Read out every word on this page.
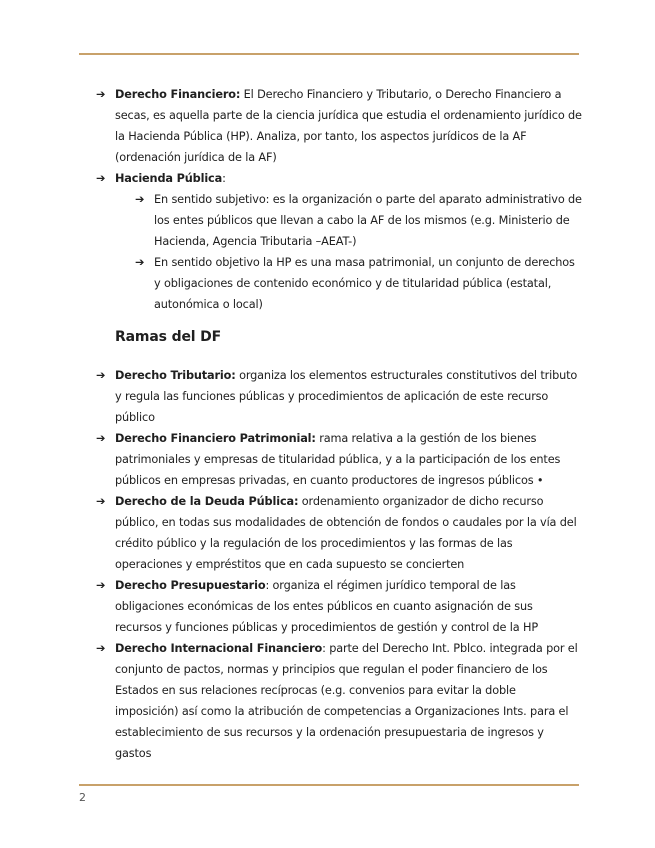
➔ Derecho Financiero: El Derecho Financiero y Tributario, o Derecho Financiero a secas, es aquella parte de la ciencia jurídica que estudia el ordenamiento jurídico de la Hacienda Pública (HP). Analiza, por tanto, los aspectos jurídicos de la AF (ordenación jurídica de la AF)

➔ Hacienda Pública:

➔ En sentido subjetivo: es la organización o parte del aparato administrativo de los entes públicos que llevan a cabo la AF de los mismos (e.g. Ministerio de Hacienda, Agencia Tributaria –AEAT-)

➔ En sentido objetivo la HP es una masa patrimonial, un conjunto de derechos y obligaciones de contenido económico y de titularidad pública (estatal, autonómica o local)

Ramas del DF

➔ Derecho Tributario: organiza los elementos estructurales constitutivos del tributo y regula las funciones públicas y procedimientos de aplicación de este recurso público

➔ Derecho Financiero Patrimonial: rama relativa a la gestión de los bienes patrimoniales y empresas de titularidad pública, y a la participación de los entes públicos en empresas privadas, en cuanto productores de ingresos públicos •

➔ Derecho de la Deuda Pública: ordenamiento organizador de dicho recurso público, en todas sus modalidades de obtención de fondos o caudales por la vía del crédito público y la regulación de los procedimientos y las formas de las operaciones y empréstitos que en cada supuesto se concierten

➔ Derecho Presupuestario: organiza el régimen jurídico temporal de las obligaciones económicas de los entes públicos en cuanto asignación de sus recursos y funciones públicas y procedimientos de gestión y control de la HP

➔ Derecho Internacional Financiero: parte del Derecho Int. Pblco. integrada por el conjunto de pactos, normas y principios que regulan el poder financiero de los Estados en sus relaciones recíprocas (e.g. convenios para evitar la doble imposición) así como la atribución de competencias a Organizaciones Ints. para el establecimiento de sus recursos y la ordenación presupuestaria de ingresos y gastos

2
